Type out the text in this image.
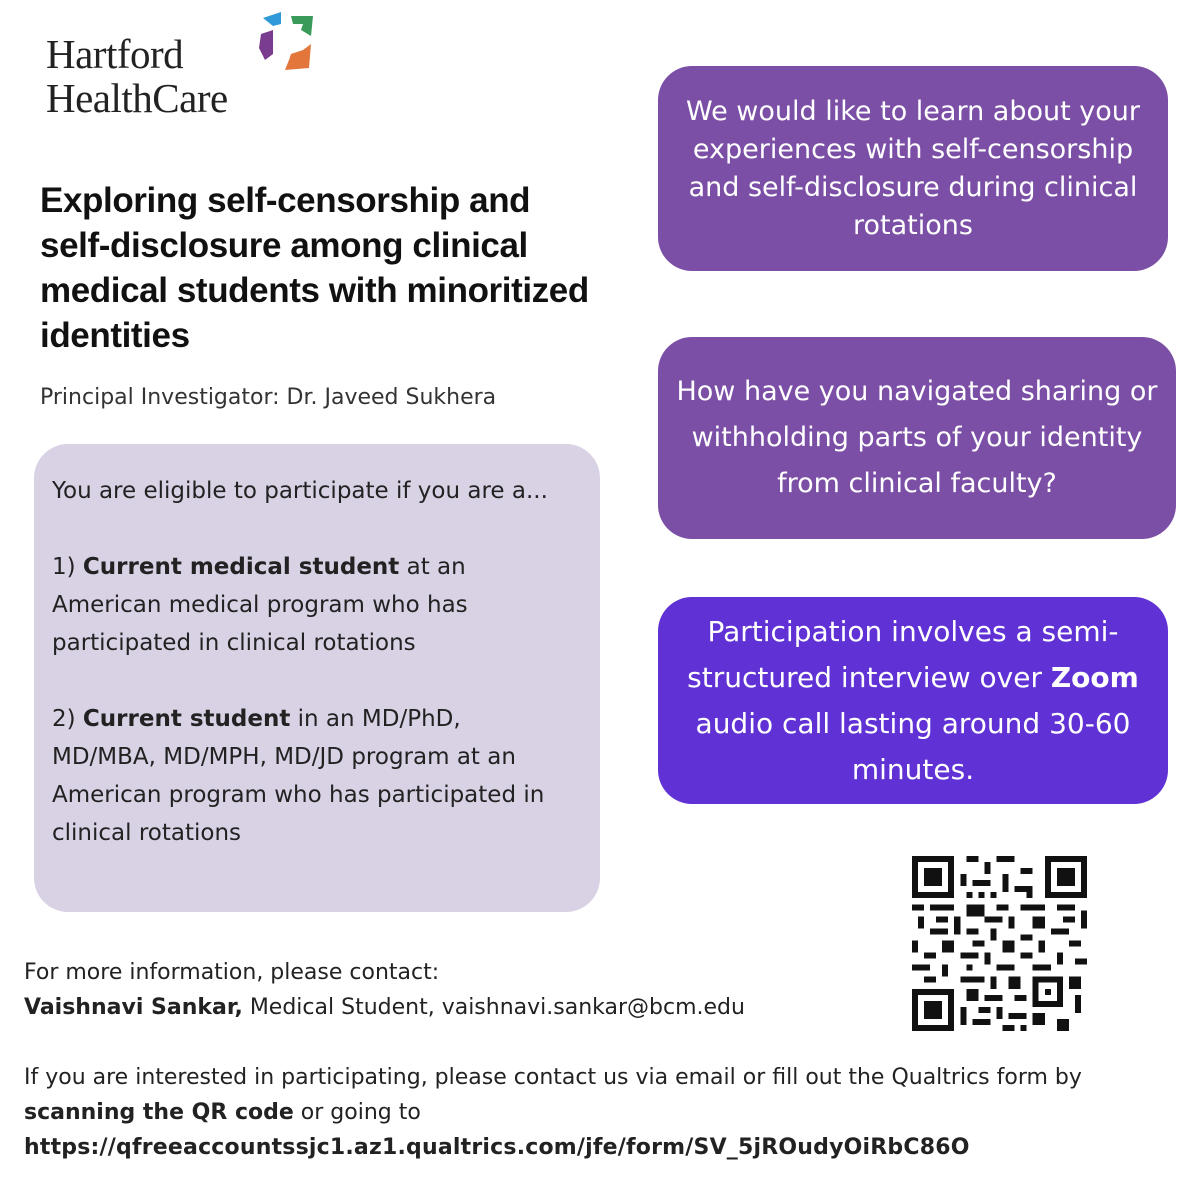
Hartford
HealthCare
Exploring self-censorship and self-disclosure among clinical medical students with minoritized identities
Principal Investigator: Dr. Javeed Sukhera

You are eligible to participate if you are a...

1) Current medical student at an American medical program who has participated in clinical rotations

2) Current student in an MD/PhD, MD/MBA, MD/MPH, MD/JD program at an American program who has participated in clinical rotations

We would like to learn about your experiences with self-censorship and self-disclosure during clinical rotations
How have you navigated sharing or withholding parts of your identity from clinical faculty?
Participation involves a semi-structured interview over Zoom audio call lasting around 30-60 minutes.
For more information, please contact:
Vaishnavi Sankar, Medical Student, vaishnavi.sankar@bcm.edu
If you are interested in participating, please contact us via email or fill out the Qualtrics form by scanning the QR code or going to
https://qfreeaccountssjc1.az1.qualtrics.com/jfe/form/SV_5jROudyOiRbC86O
